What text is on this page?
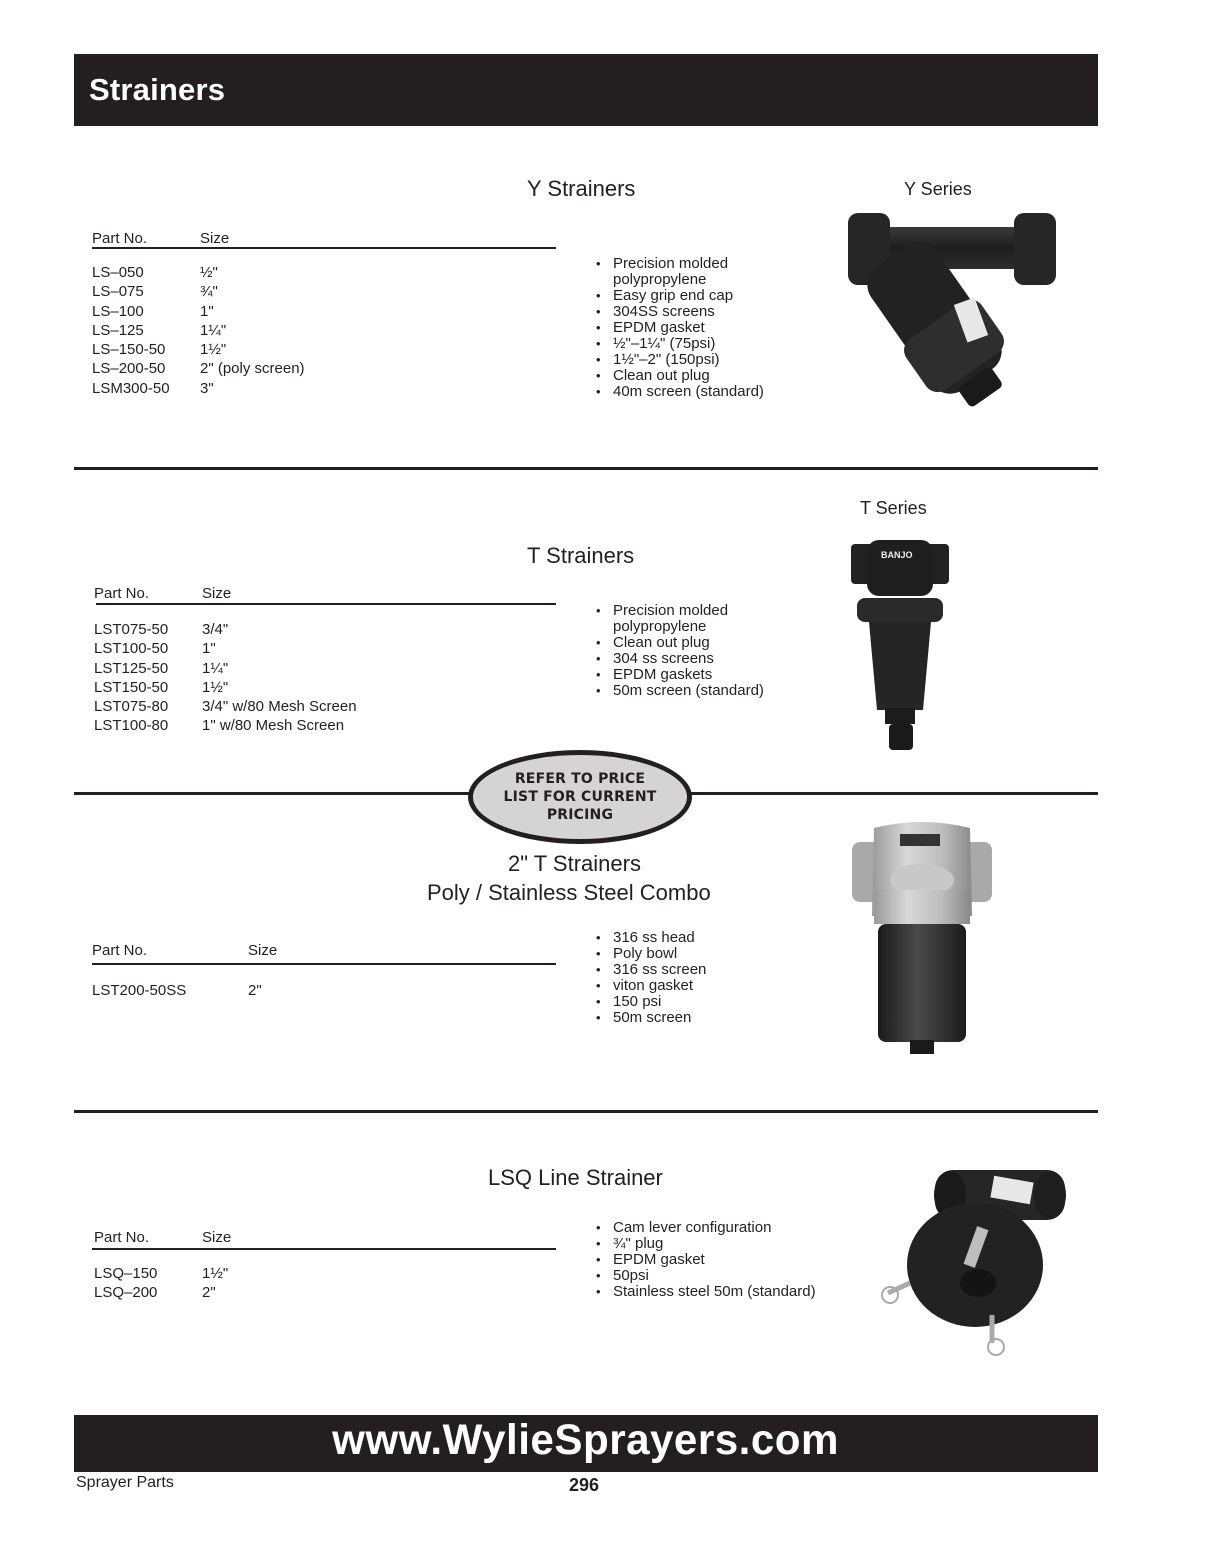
Strainers
Y Strainers	Y Series
Part No.	Size
LS–050	½"
LS–075	¾"
LS–100	1"
LS–125	1¼"
LS–150-50 1½"
LS–200-50 2" (poly screen)
LSM300-50 3"
• Precision molded
polypropylene
• Easy grip end cap
• 304SS screens
• EPDM gasket
• ½"–1¼" (75psi)
• 1½"–2" (150psi)
• Clean out plug
• 40m screen (standard)
T Series
T Strainers
Part No.	Size
LST075-50 3/4"
LST100-50 1"
LST125-50 1¼"
LST150-50 1½"
LST075-80 3/4" w/80 Mesh Screen
LST100-80 1" w/80 Mesh Screen
• Precision molded
polypropylene
• Clean out plug
• 304 ss screens
• EPDM gaskets
• 50m screen (standard)
BANJO
REFER TO PRICE
LIST FOR CURRENT
PRICING
2" T Strainers
Poly / Stainless Steel Combo
Part No.	Size
LST200-50SS	2"
• 316 ss head
• Poly bowl
• 316 ss screen
• viton gasket
• 150 psi
• 50m screen
LSQ Line Strainer
Part No.	Size
LSQ–150	1½"
LSQ–200	2"
• Cam lever configuration
• ¾" plug
• EPDM gasket
• 50psi
• Stainless steel 50m (standard)
www.WylieSprayers.com
Sprayer Parts	296
